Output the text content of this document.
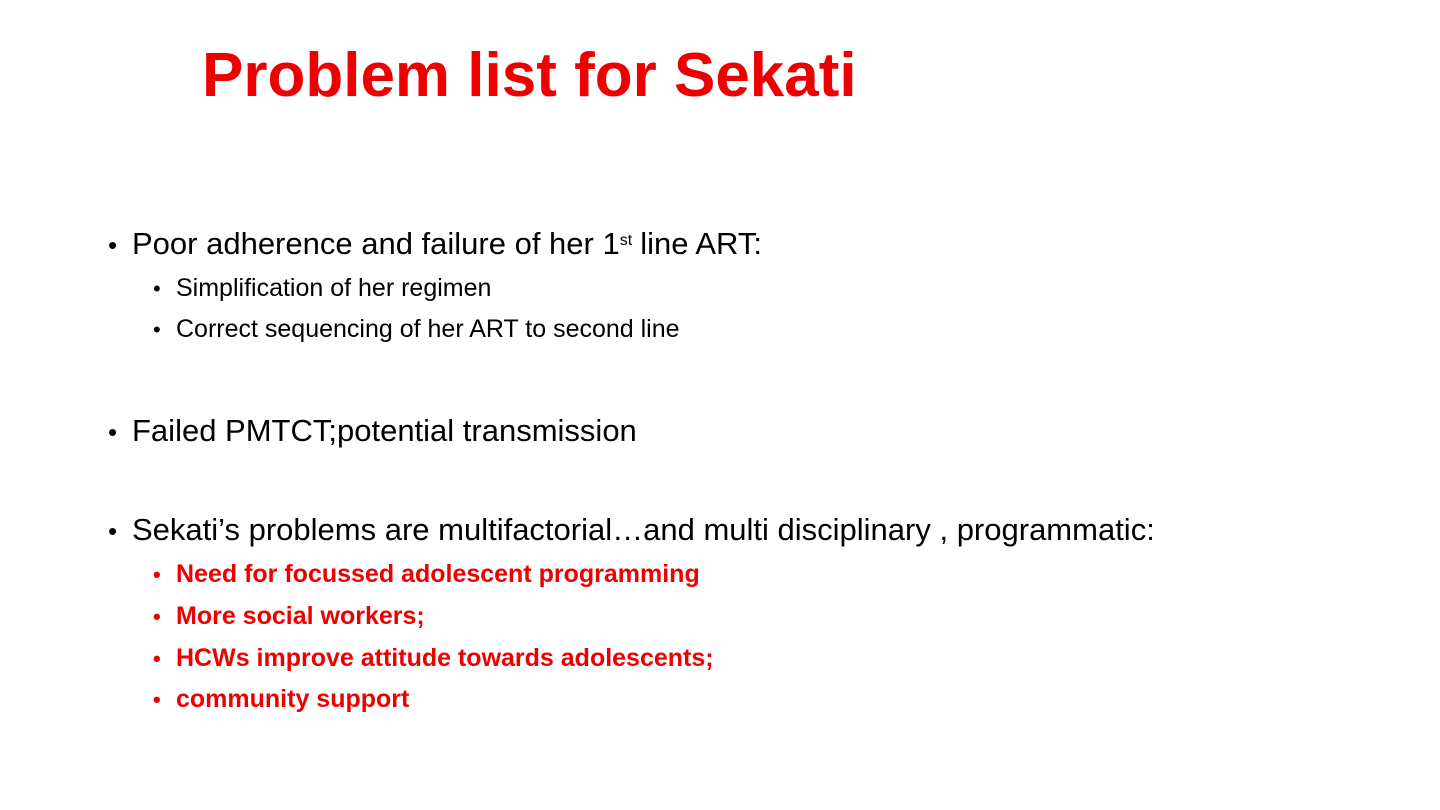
Problem list for Sekati
• Poor adherence and failure of her 1st line ART:
• Simplification of her regimen
• Correct sequencing of her ART to second line
• Failed PMTCT;potential transmission
• Sekati’s problems are multifactorial…and multi disciplinary , programmatic:
• Need for focussed adolescent programming
• More social workers;
• HCWs improve attitude towards adolescents;
• community support
